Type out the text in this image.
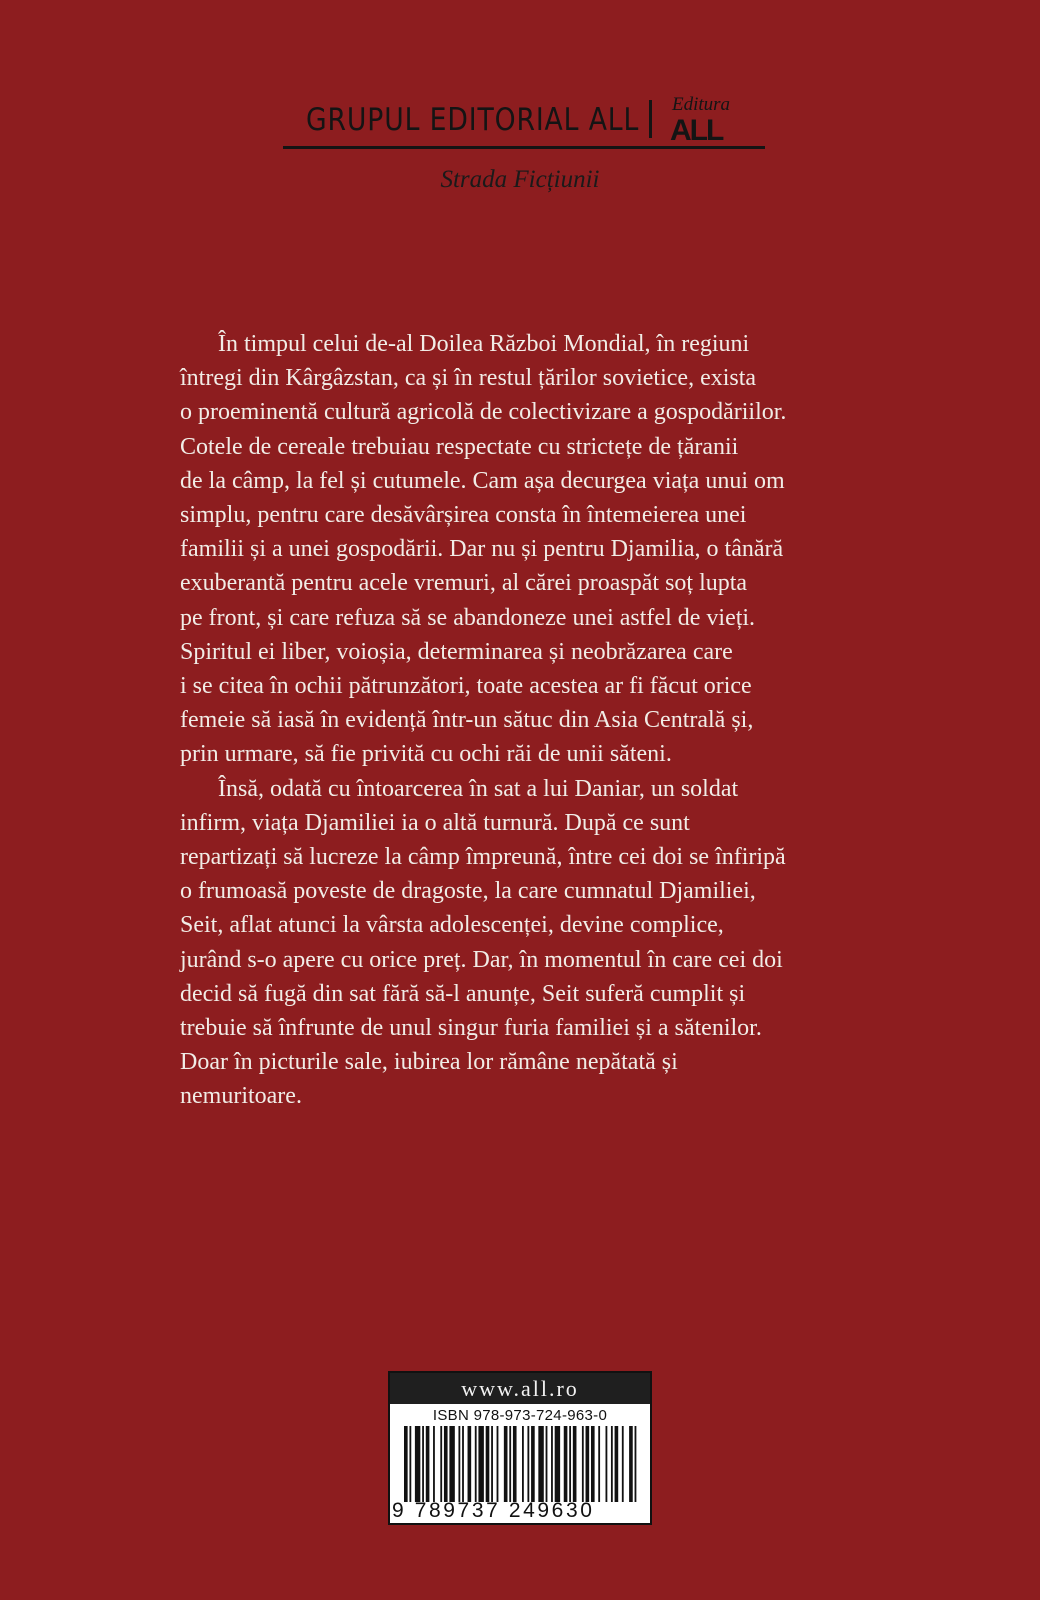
GRUPUL EDITORIAL ALL Editura
ALL
Strada Ficțiunii

În timpul celui de-al Doilea Război Mondial, în regiuni
întregi din Kârgâzstan, ca și în restul țărilor sovietice, exista
o proeminentă cultură agricolă de colectivizare a gospodăriilor.
Cotele de cereale trebuiau respectate cu strictețe de țăranii
de la câmp, la fel și cutumele. Cam așa decurgea viața unui om
simplu, pentru care desăvârșirea consta în întemeierea unei
familii și a unei gospodării. Dar nu și pentru Djamilia, o tânără
exuberantă pentru acele vremuri, al cărei proaspăt soț lupta
pe front, și care refuza să se abandoneze unei astfel de vieți.
Spiritul ei liber, voioșia, determinarea și neobrăzarea care
i se citea în ochii pătrunzători, toate acestea ar fi făcut orice
femeie să iasă în evidență într-un sătuc din Asia Centrală și,
prin urmare, să fie privită cu ochi răi de unii săteni.

Însă, odată cu întoarcerea în sat a lui Daniar, un soldat
infirm, viața Djamiliei ia o altă turnură. După ce sunt
repartizați să lucreze la câmp împreună, între cei doi se înfiripă
o frumoasă poveste de dragoste, la care cumnatul Djamiliei,
Seit, aflat atunci la vârsta adolescenței, devine complice,
jurând s-o apere cu orice preț. Dar, în momentul în care cei doi
decid să fugă din sat fără să-l anunțe, Seit suferă cumplit și
trebuie să înfrunte de unul singur furia familiei și a sătenilor.
Doar în picturile sale, iubirea lor rămâne nepătată și
nemuritoare.

www.all.ro
ISBN 978-973-724-963-0
9 789737 249630
